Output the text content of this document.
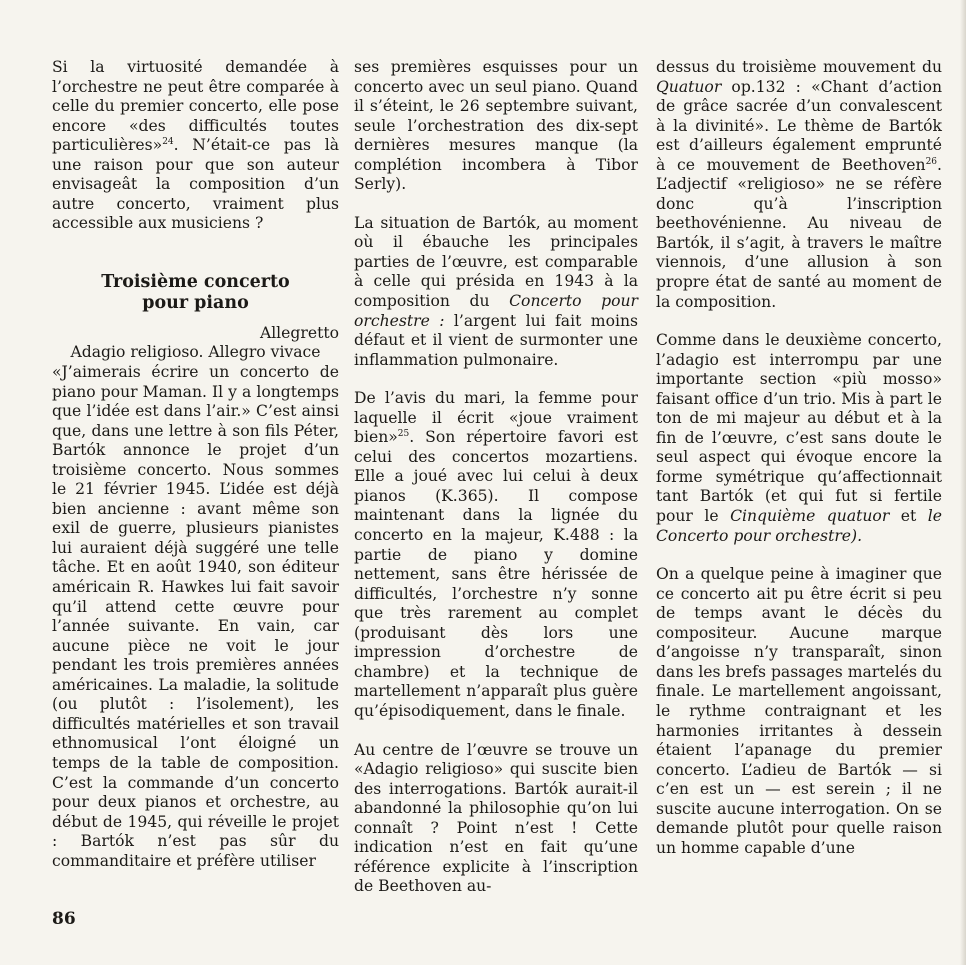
Si la virtuosité demandée à l’orchestre ne peut être comparée à celle du premier concerto, elle pose encore «des difficultés toutes particulières»$^{24}$. N’était-ce pas là une raison pour que son auteur envisageât la composition d’un autre concerto, vraiment plus accessible aux musiciens ?

Troisième concerto
pour piano

Allegretto

Adagio religioso. Allegro vivace

«J’aimerais écrire un concerto de piano pour Maman. Il y a longtemps que l’idée est dans l’air.» C’est ainsi que, dans une lettre à son fils Péter, Bartók annonce le projet d’un troisième concerto. Nous sommes le 21 février 1945. L’idée est déjà bien ancienne : avant même son exil de guerre, plusieurs pianistes lui auraient déjà suggéré une telle tâche. Et en août 1940, son éditeur américain R. Hawkes lui fait savoir qu’il attend cette œuvre pour l’année suivante. En vain, car aucune pièce ne voit le jour pendant les trois premières années américaines. La maladie, la solitude (ou plutôt : l’isolement), les difficultés matérielles et son travail ethnomusical l’ont éloigné un temps de la table de composition. C’est la commande d’un concerto pour deux pianos et orchestre, au début de 1945, qui réveille le projet : Bartók n’est pas sûr du commanditaire et préfère utiliser

ses premières esquisses pour un concerto avec un seul piano. Quand il s’éteint, le 26 septembre suivant, seule l’orchestration des dix-sept dernières mesures manque (la complétion incombera à Tibor Serly).

La situation de Bartók, au moment où il ébauche les principales parties de l’œuvre, est comparable à celle qui présida en 1943 à la composition du Concerto pour orchestre : l’argent lui fait moins défaut et il vient de surmonter une inflammation pulmonaire.

De l’avis du mari, la femme pour laquelle il écrit «joue vraiment bien»$^{25}$. Son répertoire favori est celui des concertos mozartiens. Elle a joué avec lui celui à deux pianos (K.365). Il compose maintenant dans la lignée du concerto en la majeur, K.488 : la partie de piano y domine nettement, sans être hérissée de difficultés, l’orchestre n’y sonne que très rarement au complet (produisant dès lors une impression d’orchestre de chambre) et la technique de martellement n’apparaît plus guère qu’épisodiquement, dans le finale.

Au centre de l’œuvre se trouve un «Adagio religioso» qui suscite bien des interrogations. Bartók aurait-il abandonné la philosophie qu’on lui connaît ? Point n’est ! Cette indication n’est en fait qu’une référence explicite à l’inscription de Beethoven au-

dessus du troisième mouvement du Quatuor op.132 : «Chant d’action de grâce sacrée d’un convalescent à la divinité». Le thème de Bartók est d’ailleurs également emprunté à ce mouvement de Beethoven$^{26}$. L’adjectif «religioso» ne se réfère donc qu’à l’inscription beethovénienne. Au niveau de Bartók, il s’agit, à travers le maître viennois, d’une allusion à son propre état de santé au moment de la composition.

Comme dans le deuxième concerto, l’adagio est interrompu par une importante section «più mosso» faisant office d’un trio. Mis à part le ton de mi majeur au début et à la fin de l’œuvre, c’est sans doute le seul aspect qui évoque encore la forme symétrique qu’affectionnait tant Bartók (et qui fut si fertile pour le Cinquième quatuor et le Concerto pour orchestre).

On a quelque peine à imaginer que ce concerto ait pu être écrit si peu de temps avant le décès du compositeur. Aucune marque d’angoisse n’y transparaît, sinon dans les brefs passages martelés du finale. Le martellement angoissant, le rythme contraignant et les harmonies irritantes à dessein étaient l’apanage du premier concerto. L’adieu de Bartók — si c’en est un — est serein ; il ne suscite aucune interrogation. On se demande plutôt pour quelle raison un homme capable d’une

86
